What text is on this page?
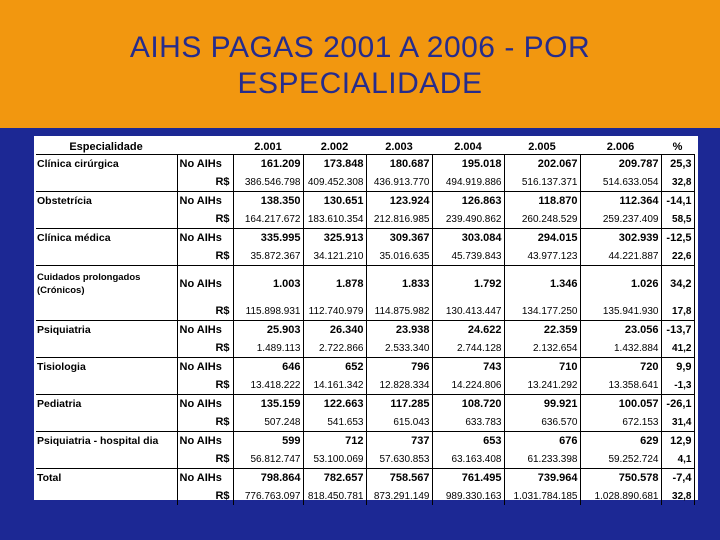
AIHS PAGAS 2001 A 2006 - POR
ESPECIALIDADE
Especialidade		2.001	2.002	2.003	2.004	2.005	2.006	%
Clínica cirúrgica	No AIHs	161.209	173.848	180.687	195.018	202.067	209.787	25,3
	R$	386.546.798	409.452.308	436.913.770	494.919.886	516.137.371	514.633.054	32,8
Obstetrícia	No AIHs	138.350	130.651	123.924	126.863	118.870	112.364	-14,1
	R$	164.217.672	183.610.354	212.816.985	239.490.862	260.248.529	259.237.409	58,5
Clínica médica	No AIHs	335.995	325.913	309.367	303.084	294.015	302.939	-12,5
	R$	35.872.367	34.121.210	35.016.635	45.739.843	43.977.123	44.221.887	22,6

Cuidados prolongados
(Crónicos)	No AIHs	1.003	1.878	1.833	1.792	1.346	1.026	34,2
	R$	115.898.931	112.740.979	114.875.982	130.413.447	134.177.250	135.941.930	17,8
Psiquiatria	No AIHs	25.903	26.340	23.938	24.622	22.359	23.056	-13,7
	R$	1.489.113	2.722.866	2.533.340	2.744.128	2.132.654	1.432.884	41,2
Tisiologia	No AIHs	646	652	796	743	710	720	9,9
	R$	13.418.222	14.161.342	12.828.334	14.224.806	13.241.292	13.358.641	-1,3
Pediatria	No AIHs	135.159	122.663	117.285	108.720	99.921	100.057	-26,1
	R$	507.248	541.653	615.043	633.783	636.570	672.153	31,4
Psiquiatria - hospital dia	No AIHs	599	712	737	653	676	629	12,9
	R$	56.812.747	53.100.069	57.630.853	63.163.408	61.233.398	59.252.724	4,1
Total	No AIHs	798.864	782.657	758.567	761.495	739.964	750.578	-7,4
	R$	776.763.097	818.450.781	873.291.149	989.330.163	1.031.784.185	1.028.890.681	32,8
